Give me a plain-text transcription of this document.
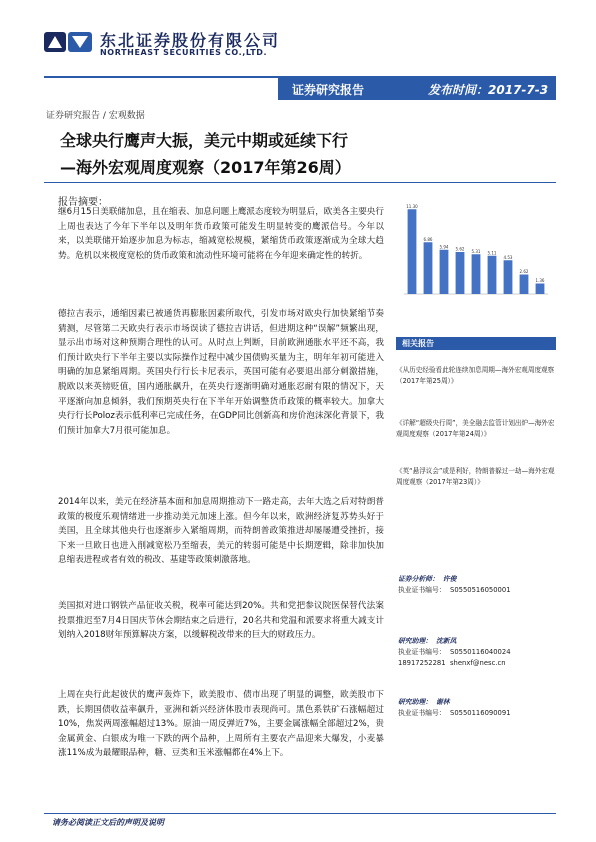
东北证券股份有限公司
NORTHEAST SECURITIES CO.,LTD.
证券研究报告	发布时间：2017-7-3
证券研究报告 / 宏观数据
全球央行鹰声大振，美元中期或延续下行
—海外宏观周度观察（2017年第26周）
报告摘要：

继6月15日美联储加息，且在缩表、加息问题上鹰派态度较为明显后，欧美各主要央行上周也表达了今年下半年以及明年货币政策可能发生明显转变的鹰派信号。今年以来，以美联储开始逐步加息为标志，缩减宽松规模，紧缩货币政策逐渐成为全球大趋势。危机以来极度宽松的货币政策和流动性环境可能将在今年迎来确定性的转折。

德拉吉表示，通缩因素已被通货再膨胀因素所取代，引发市场对欧央行加快紧缩节奏猜测，尽管第二天欧央行表示市场误读了德拉吉讲话，但进期这种“误解”频繁出现，显示出市场对这种预期合理性的认可。从时点上判断，目前欧洲通胀水平还不高，我们预计欧央行下半年主要以实际操作过程中减少国债购买量为主，明年年初可能进入明确的加息紧缩周期。英国央行行长卡尼表示，英国可能有必要退出部分刺激措施，脱欧以来英镑贬值，国内通胀飙升，在英央行逐渐明确对通胀忍耐有限的情况下，天平逐渐向加息倾斜，我们预期英央行在下半年开始调整货币政策的概率较大。加拿大央行行长Poloz表示低利率已完成任务，在GDP同比创新高和房价泡沫深化背景下，我们预计加拿大7月很可能加息。

2014年以来，美元在经济基本面和加息周期推动下一路走高，去年大选之后对特朗普政策的极度乐观情绪进一步推动美元加速上涨。但今年以来，欧洲经济复苏势头好于美国，且全球其他央行也逐渐步入紧缩周期，而特朗普政策推进却屡屡遭受挫折，接下来一旦欧日也进入削减宽松乃至缩表，美元的转弱可能是中长期逻辑，除非加快加息缩表进程或者有效的税改、基建等政策刺激落地。

美国拟对进口钢铁产品征收关税，税率可能达到20%。共和党把参议院医保替代法案投票推迟至7月4日国庆节休会期结束之后进行，20名共和党温和派要求将重大减支计划纳入2018财年预算解决方案，以缓解税改带来的巨大的财政压力。

上周在央行此起彼伏的鹰声轰炸下，欧美股市、债市出现了明显的调整，欧美股市下跌，长期国债收益率飙升，亚洲和新兴经济体股市表现尚可。黑色系铁矿石涨幅超过10%，焦炭两周涨幅超过13%。原油一周反弹近7%，主要金属涨幅全部超过2%，贵金属黄金、白银成为唯一下跌的两个品种，上周所有主要农产品迎来大爆发，小麦暴涨11%成为最耀眼品种，糖、豆类和玉米涨幅都在4%上下。

11.30
6.86
5.94 5.62 5.31 5.11
4.53
2.62
1.36
相关报告
《从历史经验看此轮连续加息周期—海外宏观周度观察（2017年第25周）》
《详解“超级央行周”，美全融去监管计划出炉—海外宏观周度观察（2017年第24周）》
《英“悬浮议会”或是利好，特朗普躲过一劫—海外宏观周度观察（2017年第23周）》
证券分析师： 许俊
执业证书编号： S0550516050001
研究助理： 沈新凤
执业证书编号： S0550116040024
18917252281 shenxf@nesc.cn
研究助理： 谢林
执业证书编号： S0550116090091
请务必阅读正文后的声明及说明
